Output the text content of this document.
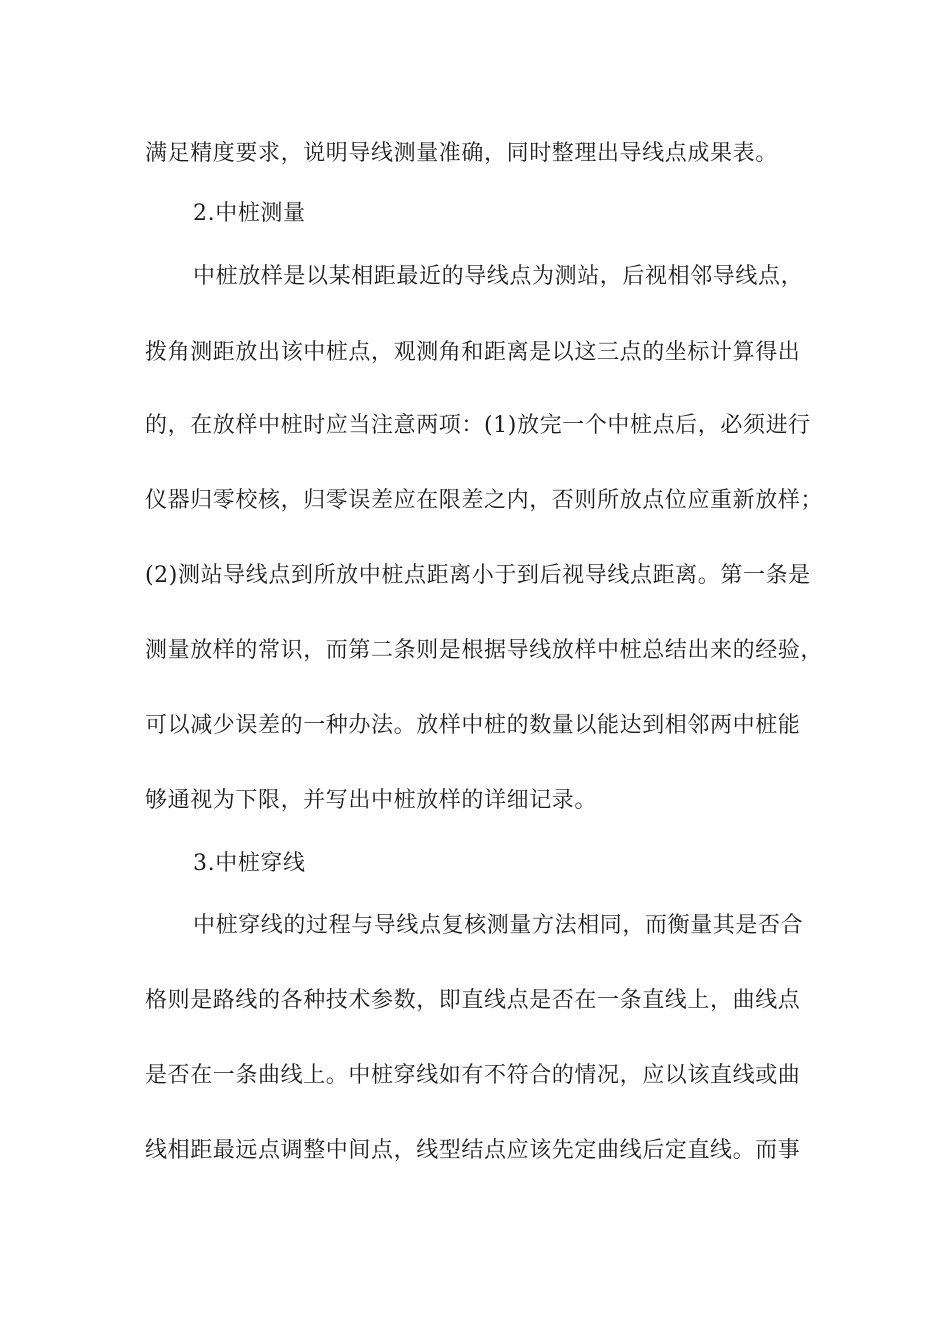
满足精度要求，说明导线测量准确，同时整理出导线点成果表。
2.中桩测量
中桩放样是以某相距最近的导线点为测站，后视相邻导线点，
拨角测距放出该中桩点，观测角和距离是以这三点的坐标计算得出
的，在放样中桩时应当注意两项：(1)放完一个中桩点后，必须进行
仪器归零校核，归零误差应在限差之内，否则所放点位应重新放样；
(2)测站导线点到所放中桩点距离小于到后视导线点距离。第一条是
测量放样的常识，而第二条则是根据导线放样中桩总结出来的经验，
可以减少误差的一种办法。放样中桩的数量以能达到相邻两中桩能
够通视为下限，并写出中桩放样的详细记录。
3.中桩穿线
中桩穿线的过程与导线点复核测量方法相同，而衡量其是否合
格则是路线的各种技术参数，即直线点是否在一条直线上，曲线点
是否在一条曲线上。中桩穿线如有不符合的情况，应以该直线或曲
线相距最远点调整中间点，线型结点应该先定曲线后定直线。而事
